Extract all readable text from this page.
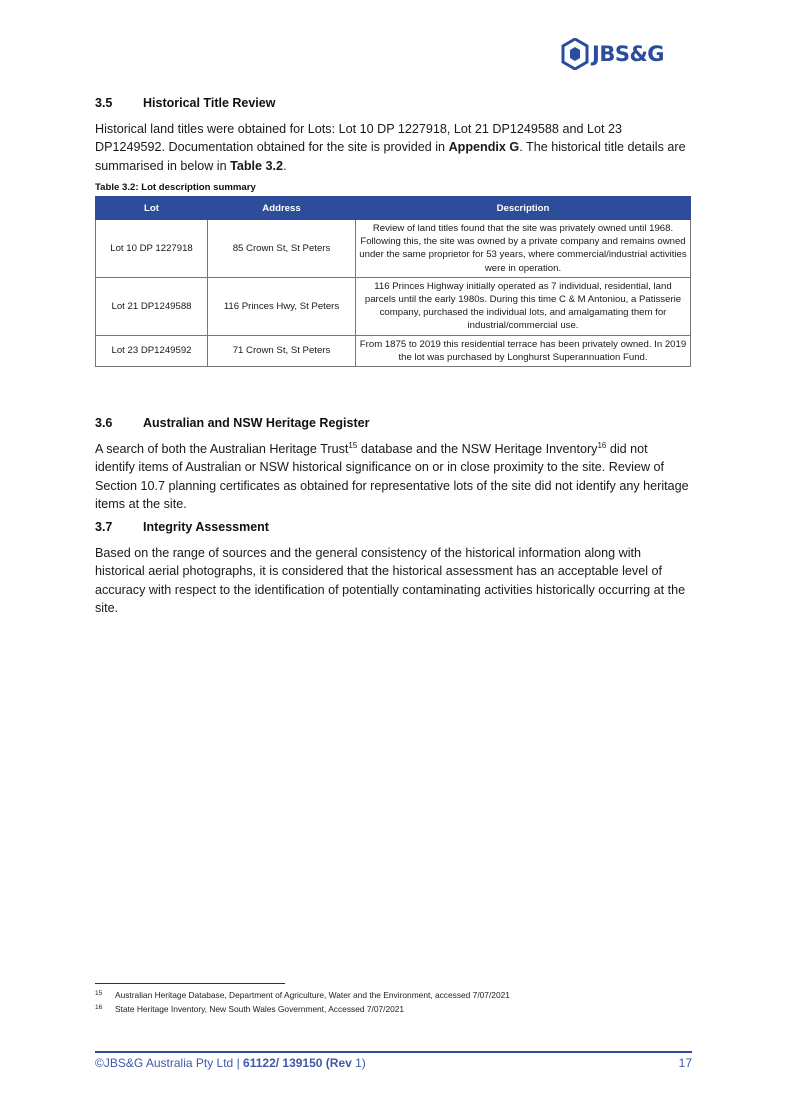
JBS&G
3.5 Historical Title Review
Historical land titles were obtained for Lots: Lot 10 DP 1227918, Lot 21 DP1249588 and Lot 23 DP1249592. Documentation obtained for the site is provided in Appendix G. The historical title details are summarised in below in Table 3.2.
Table 3.2: Lot description summary
Lot	Address	Description
Lot 10 DP 1227918	85 Crown St, St Peters	Review of land titles found that the site was privately owned until 1968. Following this, the site was owned by a private company and remains owned under the same proprietor for 53 years, where commercial/industrial activities were in operation.
Lot 21 DP1249588	116 Princes Hwy, St Peters	116 Princes Highway initially operated as 7 individual, residential, land parcels until the early 1980s. During this time C & M Antoniou, a Patisserie company, purchased the individual lots, and amalgamating them for industrial/commercial use.
Lot 23 DP1249592	71 Crown St, St Peters	From 1875 to 2019 this residential terrace has been privately owned. In 2019 the lot was purchased by Longhurst Superannuation Fund.
3.6 Australian and NSW Heritage Register
A search of both the Australian Heritage Trust$^{15}$ database and the NSW Heritage Inventory$^{16}$ did not identify items of Australian or NSW historical significance on or in close proximity to the site. Review of Section 10.7 planning certificates as obtained for representative lots of the site did not identify any heritage items at the site.
3.7 Integrity Assessment
Based on the range of sources and the general consistency of the historical information along with historical aerial photographs, it is considered that the historical assessment has an acceptable level of accuracy with respect to the identification of potentially contaminating activities historically occurring at the site.
15 Australian Heritage Database, Department of Agriculture, Water and the Environment, accessed 7/07/2021
16 State Heritage Inventory, New South Wales Government, Accessed 7/07/2021
©JBS&G Australia Pty Ltd | 61122/ 139150 (Rev 1)	17
